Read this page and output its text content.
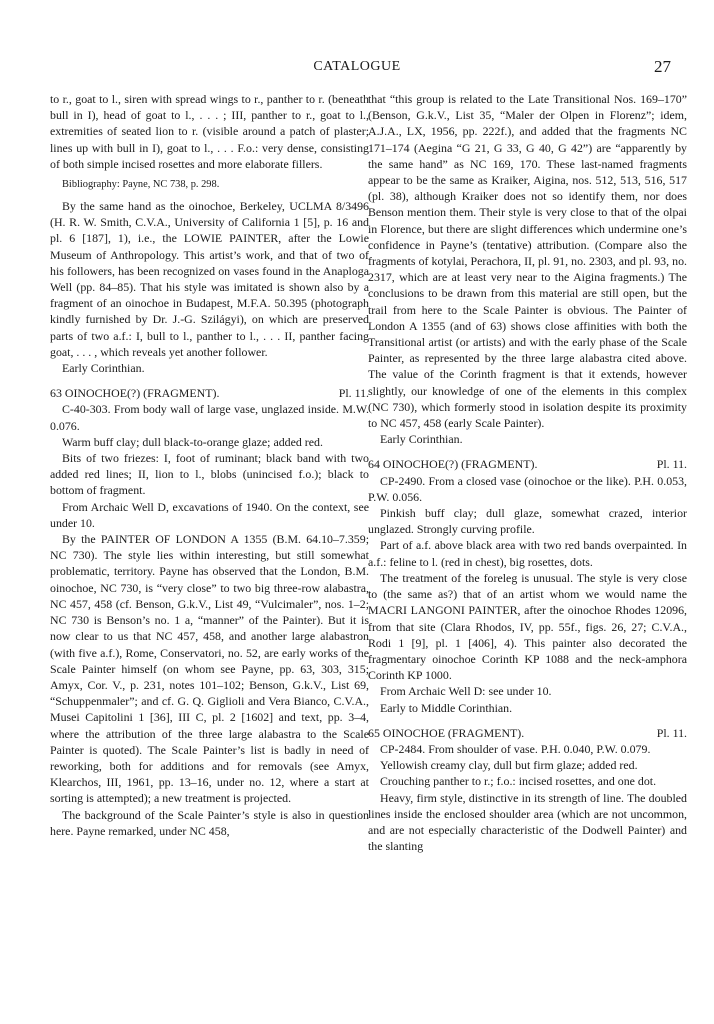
CATALOGUE	27

to r., goat to l., siren with spread wings to r., panther to r. (beneath bull in I), head of goat to l., . . . ; III, panther to r., goat to l., extremities of seated lion to r. (visible around a patch of plaster; lines up with bull in I), goat to l., . . . F.o.: very dense, consisting of both simple incised rosettes and more elaborate fillers.

Bibliography: Payne, NC 738, p. 298.

By the same hand as the oinochoe, Berkeley, UCLMA 8/3496 (H. R. W. Smith, C.V.A., University of California 1 [5], p. 16 and pl. 6 [187], 1), i.e., the LOWIE PAINTER, after the Lowie Museum of Anthropology. This artist’s work, and that of two of his followers, has been recognized on vases found in the Anaploga Well (pp. 84–85). That his style was imitated is shown also by a fragment of an oinochoe in Budapest, M.F.A. 50.395 (photograph kindly furnished by Dr. J.-G. Szilágyi), on which are preserved parts of two a.f.: I, bull to l., panther to l., . . . II, panther facing goat, . . . , which reveals yet another follower.

Early Corinthian.

63 OINOCHOE(?) (FRAGMENT).	Pl. 11.

C-40-303. From body wall of large vase, unglazed inside. M.W. 0.076.

Warm buff clay; dull black-to-orange glaze; added red.

Bits of two friezes: I, foot of ruminant; black band with two added red lines; II, lion to l., blobs (unincised f.o.); black to bottom of fragment.

From Archaic Well D, excavations of 1940. On the context, see under 10.

By the PAINTER OF LONDON A 1355 (B.M. 64.10–7.359; NC 730). The style lies within interesting, but still somewhat problematic, territory. Payne has observed that the London, B.M. oinochoe, NC 730, is “very close” to two big three-row alabastra, NC 457, 458 (cf. Benson, G.k.V., List 49, “Vulcimaler”, nos. 1–2; NC 730 is Benson’s no. 1 a, “manner” of the Painter). But it is now clear to us that NC 457, 458, and another large alabastron (with five a.f.), Rome, Conservatori, no. 52, are early works of the Scale Painter himself (on whom see Payne, pp. 63, 303, 315; Amyx, Cor. V., p. 231, notes 101–102; Benson, G.k.V., List 69, “Schuppenmaler”; and cf. G. Q. Giglioli and Vera Bianco, C.V.A., Musei Capitolini 1 [36], III C, pl. 2 [1602] and text, pp. 3–4, where the attribution of the three large alabastra to the Scale Painter is quoted). The Scale Painter’s list is badly in need of reworking, both for additions and for removals (see Amyx, Klearchos, III, 1961, pp. 13–16, under no. 12, where a start at sorting is attempted); a new treatment is projected.

The background of the Scale Painter’s style is also in question here. Payne remarked, under NC 458,

that “this group is related to the Late Transitional Nos. 169–170” (Benson, G.k.V., List 35, “Maler der Olpen in Florenz”; idem, A.J.A., LX, 1956, pp. 222f.), and added that the fragments NC 171–174 (Aegina “G 21, G 33, G 40, G 42”) are “apparently by the same hand” as NC 169, 170. These last-named fragments appear to be the same as Kraiker, Aigina, nos. 512, 513, 516, 517 (pl. 38), although Kraiker does not so identify them, nor does Benson mention them. Their style is very close to that of the olpai in Florence, but there are slight differences which undermine one’s confidence in Payne’s (tentative) attribution. (Compare also the fragments of kotylai, Perachora, II, pl. 91, no. 2303, and pl. 93, no. 2317, which are at least very near to the Aigina fragments.) The conclusions to be drawn from this material are still open, but the trail from here to the Scale Painter is obvious. The Painter of London A 1355 (and of 63) shows close affinities with both the Transitional artist (or artists) and with the early phase of the Scale Painter, as represented by the three large alabastra cited above. The value of the Corinth fragment is that it extends, however slightly, our knowledge of one of the elements in this complex (NC 730), which formerly stood in isolation despite its proximity to NC 457, 458 (early Scale Painter).

Early Corinthian.

64 OINOCHOE(?) (FRAGMENT).	Pl. 11.

CP-2490. From a closed vase (oinochoe or the like). P.H. 0.053, P.W. 0.056.

Pinkish buff clay; dull glaze, somewhat crazed, interior unglazed. Strongly curving profile.

Part of a.f. above black area with two red bands overpainted. In a.f.: feline to l. (red in chest), big rosettes, dots.

The treatment of the foreleg is unusual. The style is very close to (the same as?) that of an artist whom we would name the MACRI LANGONI PAINTER, after the oinochoe Rhodes 12096, from that site (Clara Rhodos, IV, pp. 55f., figs. 26, 27; C.V.A., Rodi 1 [9], pl. 1 [406], 4). This painter also decorated the fragmentary oinochoe Corinth KP 1088 and the neck-amphora Corinth KP 1000.

From Archaic Well D: see under 10.

Early to Middle Corinthian.

65 OINOCHOE (FRAGMENT).	Pl. 11.

CP-2484. From shoulder of vase. P.H. 0.040, P.W. 0.079.

Yellowish creamy clay, dull but firm glaze; added red.

Crouching panther to r.; f.o.: incised rosettes, and one dot.

Heavy, firm style, distinctive in its strength of line. The doubled lines inside the enclosed shoulder area (which are not uncommon, and are not especially characteristic of the Dodwell Painter) and the slanting
